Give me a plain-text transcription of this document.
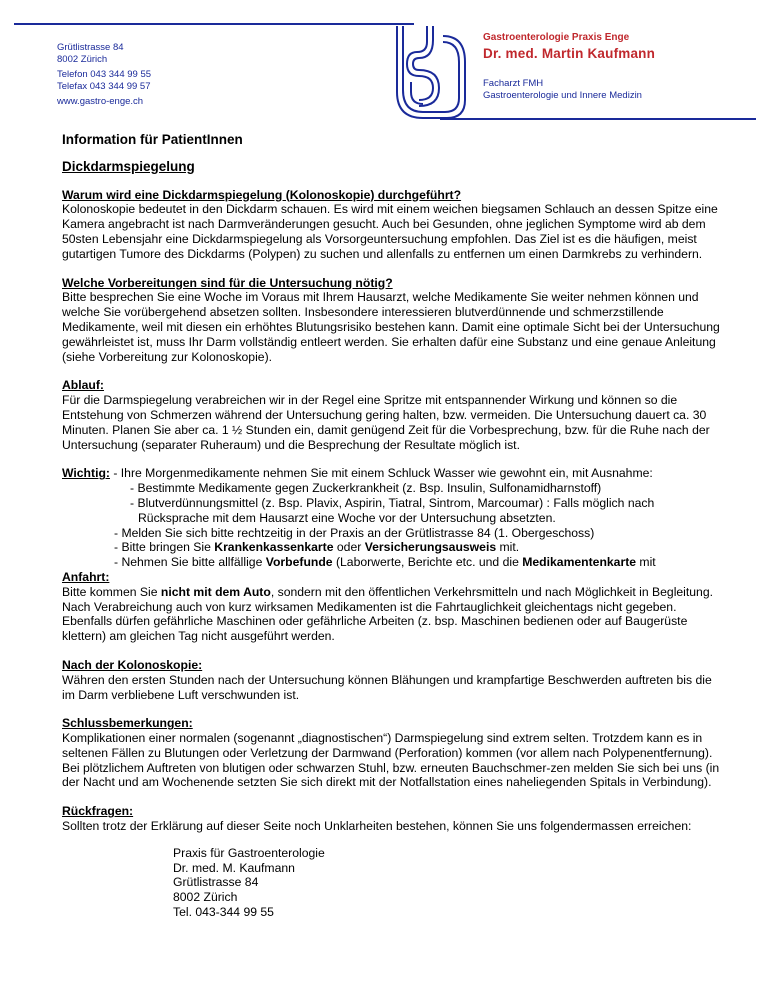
Grütlistrasse 84
8002 Zürich
Telefon 043 344 99 55
Telefax 043 344 99 57
www.gastro-enge.ch
Gastroenterologie Praxis Enge
Dr. med. Martin Kaufmann
Facharzt FMH
Gastroenterologie und Innere Medizin
Information für PatientInnen
Dickdarmspiegelung
Warum wird eine Dickdarmspiegelung (Kolonoskopie) durchgeführt?

Kolonoskopie bedeutet in den Dickdarm schauen. Es wird mit einem weichen biegsamen Schlauch an dessen Spitze eine Kamera angebracht ist nach Darmveränderungen gesucht. Auch bei Gesunden, ohne jeglichen Symptome wird ab dem 50sten Lebensjahr eine Dickdarmspiegelung als Vorsorgeuntersuchung empfohlen. Das Ziel ist es die häufigen, meist gutartigen Tumore des Dickdarms (Polypen) zu suchen und allenfalls zu entfernen um einen Darmkrebs zu verhindern.

Welche Vorbereitungen sind für die Untersuchung nötig?

Bitte besprechen Sie eine Woche im Voraus mit Ihrem Hausarzt, welche Medikamente Sie weiter nehmen können und welche Sie vorübergehend absetzen sollten. Insbesondere interessieren blutverdünnende und schmerzstillende Medikamente, weil mit diesen ein erhöhtes Blutungsrisiko bestehen kann. Damit eine optimale Sicht bei der Untersuchung gewährleistet ist, muss Ihr Darm vollständig entleert werden. Sie erhalten dafür eine Substanz und eine genaue Anleitung (siehe Vorbereitung zur Kolonoskopie).

Ablauf:

Für die Darmspiegelung verabreichen wir in der Regel eine Spritze mit entspannender Wirkung und können so die Entstehung von Schmerzen während der Untersuchung gering halten, bzw. vermeiden. Die Untersuchung dauert ca. 30 Minuten. Planen Sie aber ca. 1 ½ Stunden ein, damit genügend Zeit für die Vorbesprechung, bzw. für die Ruhe nach der Untersuchung (separater Ruheraum) und die Besprechung der Resultate möglich ist.

Wichtig: - Ihre Morgenmedikamente nehmen Sie mit einem Schluck Wasser wie gewohnt ein, mit Ausnahme:

- Bestimmte Medikamente gegen Zuckerkrankheit (z. Bsp. Insulin, Sulfonamidharnstoff)

- Blutverdünnungsmittel (z. Bsp. Plavix, Aspirin, Tiatral, Sintrom, Marcoumar) : Falls möglich nach

Rücksprache mit dem Hausarzt eine Woche vor der Untersuchung absetzten.

- Melden Sie sich bitte rechtzeitig in der Praxis an der Grütlistrasse 84 (1. Obergeschoss)

- Bitte bringen Sie Krankenkassenkarte oder Versicherungsausweis mit.

- Nehmen Sie bitte allfällige Vorbefunde (Laborwerte, Berichte etc. und die Medikamentenkarte mit

Anfahrt:

Bitte kommen Sie nicht mit dem Auto, sondern mit den öffentlichen Verkehrsmitteln und nach Möglichkeit in Begleitung. Nach Verabreichung auch von kurz wirksamen Medikamenten ist die Fahrtauglichkeit gleichentags nicht gegeben. Ebenfalls dürfen gefährliche Maschinen oder gefährliche Arbeiten (z. bsp. Maschinen bedienen oder auf Baugerüste klettern) am gleichen Tag nicht ausgeführt werden.

Nach der Kolonoskopie:

Währen den ersten Stunden nach der Untersuchung können Blähungen und krampfartige Beschwerden auftreten bis die im Darm verbliebene Luft verschwunden ist.

Schlussbemerkungen:

Komplikationen einer normalen (sogenannt „diagnostischen“) Darmspiegelung sind extrem selten. Trotzdem kann es in seltenen Fällen zu Blutungen oder Verletzung der Darmwand (Perforation) kommen (vor allem nach Polypenentfernung). Bei plötzlichem Auftreten von blutigen oder schwarzen Stuhl, bzw. erneuten Bauchschmer-zen melden Sie sich bei uns (in der Nacht und am Wochenende setzten Sie sich direkt mit der Notfallstation eines naheliegenden Spitals in Verbindung).

Rückfragen:

Sollten trotz der Erklärung auf dieser Seite noch Unklarheiten bestehen, können Sie uns folgendermassen erreichen:

Praxis für Gastroenterologie
Dr. med. M. Kaufmann
Grütlistrasse 84
8002 Zürich
Tel. 043-344 99 55
